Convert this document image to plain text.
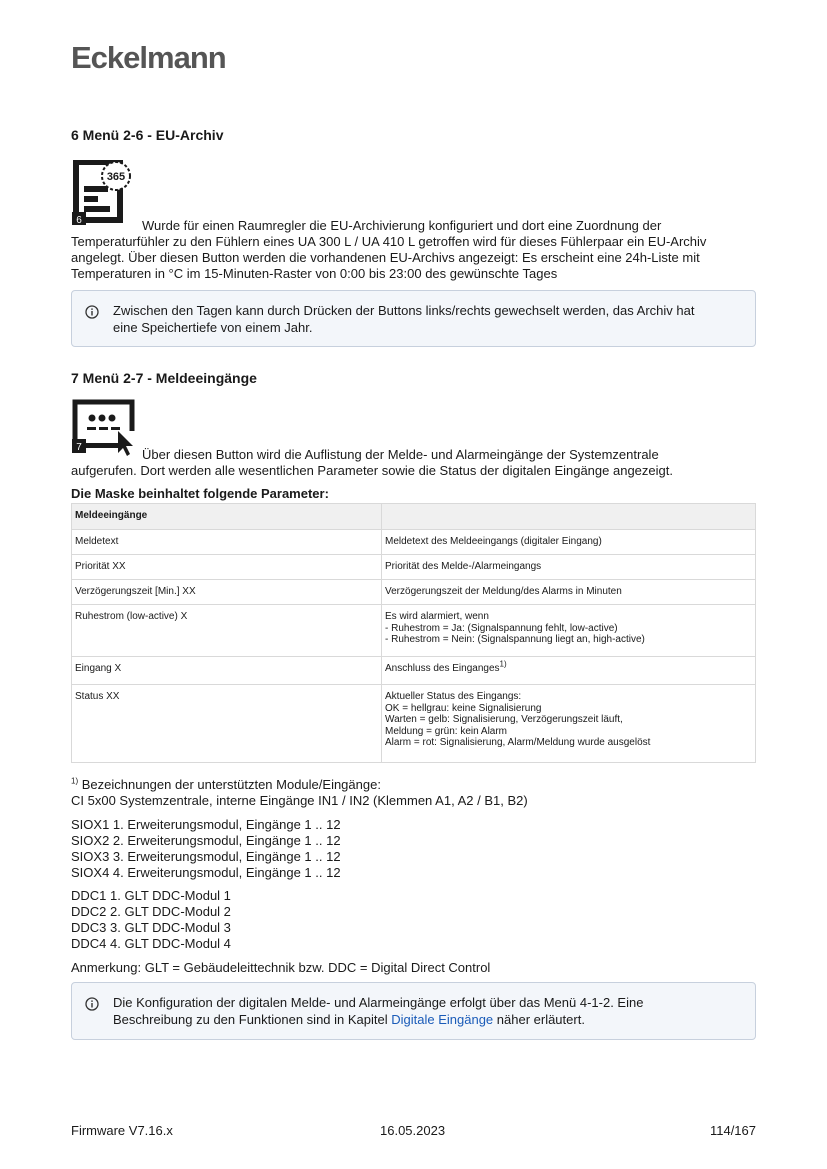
Eckelmann
6 Menü 2-6 - EU-Archiv
365
6	Wurde für einen Raumregler die EU-Archivierung konfiguriert und dort eine Zuordnung der
Temperaturfühler zu den Fühlern eines UA 300 L / UA 410 L getroffen wird für dieses Fühlerpaar ein EU-Archiv
angelegt. Über diesen Button werden die vorhandenen EU-Archivs angezeigt: Es erscheint eine 24h-Liste mit
Temperaturen in °C im 15-Minuten-Raster von 0:00 bis 23:00 des gewünschte Tages
Zwischen den Tagen kann durch Drücken der Buttons links/rechts gewechselt werden, das Archiv hat
eine Speichertiefe von einem Jahr.
7 Menü 2-7 - Meldeeingänge
7	Über diesen Button wird die Auflistung der Melde- und Alarmeingänge der Systemzentrale
aufgerufen. Dort werden alle wesentlichen Parameter sowie die Status der digitalen Eingänge angezeigt.
Die Maske beinhaltet folgende Parameter:
Meldeeingänge	
Meldetext	Meldetext des Meldeeingangs (digitaler Eingang)
Priorität XX	Priorität des Melde-/Alarmeingangs
Verzögerungszeit [Min.] XX	Verzögerungszeit der Meldung/des Alarms in Minuten
Ruhestrom (low-active) X	Es wird alarmiert, wenn
- Ruhestrom = Ja: (Signalspannung fehlt, low-active)
- Ruhestrom = Nein: (Signalspannung liegt an, high-active)

Eingang X	Anschluss des Einganges$^{1)}$
Status XX	Aktueller Status des Eingangs:
OK = hellgrau: keine Signalisierung
Warten = gelb: Signalisierung, Verzögerungszeit läuft,
Meldung = grün: kein Alarm
Alarm = rot: Signalisierung, Alarm/Meldung wurde ausgelöst
$^{1)}$ Bezeichnungen der unterstützten Module/Eingänge:
CI 5x00 Systemzentrale, interne Eingänge IN1 / IN2 (Klemmen A1, A2 / B1, B2)
SIOX1 1. Erweiterungsmodul, Eingänge 1 .. 12
SIOX2 2. Erweiterungsmodul, Eingänge 1 .. 12
SIOX3 3. Erweiterungsmodul, Eingänge 1 .. 12
SIOX4 4. Erweiterungsmodul, Eingänge 1 .. 12
DDC1 1. GLT DDC-Modul 1
DDC2 2. GLT DDC-Modul 2
DDC3 3. GLT DDC-Modul 3
DDC4 4. GLT DDC-Modul 4
Anmerkung: GLT = Gebäudeleittechnik bzw. DDC = Digital Direct Control
Die Konfiguration der digitalen Melde- und Alarmeingänge erfolgt über das Menü 4-1-2. Eine
Beschreibung zu den Funktionen sind in Kapitel Digitale Eingänge näher erläutert.
Firmware V7.16.x	16.05.2023	114/167
